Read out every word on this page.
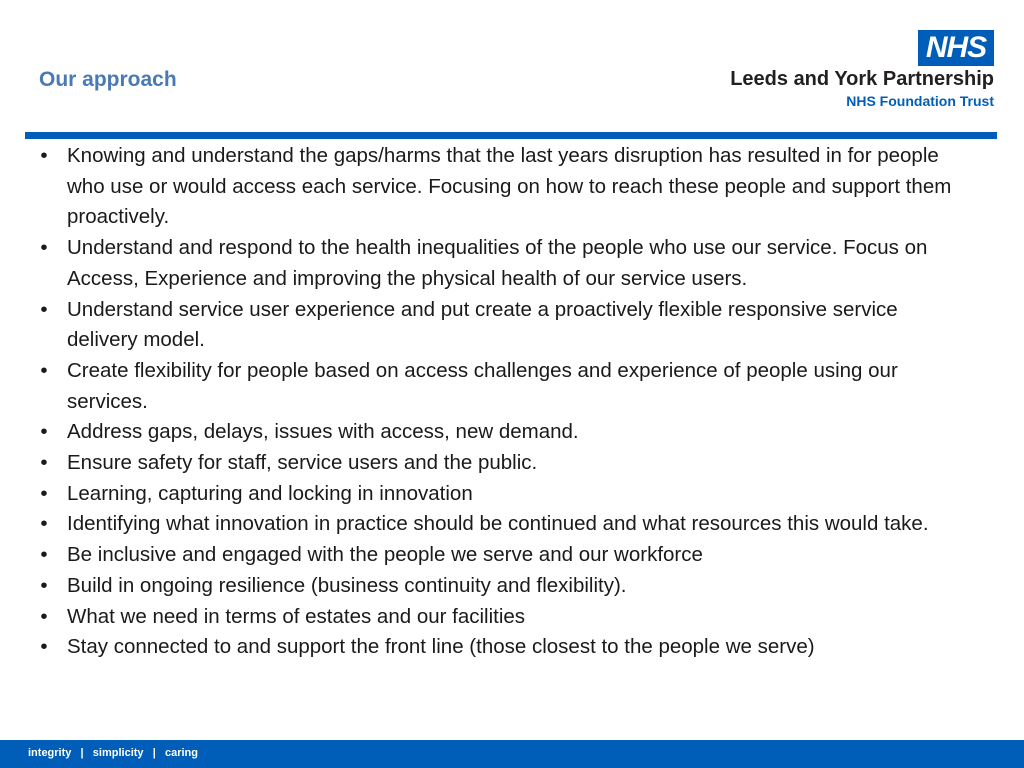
Our approach
NHS
Leeds and York Partnership
NHS Foundation Trust
• Knowing and understand the gaps/harms that the last years disruption has resulted in for people who use or would access each service. Focusing on how to reach these people and support them proactively.
• Understand and respond to the health inequalities of the people who use our service. Focus on Access, Experience and improving the physical health of our service users.
• Understand service user experience and put create a proactively flexible responsive service delivery model.
• Create flexibility for people based on access challenges and experience of people using our services.
• Address gaps, delays, issues with access, new demand.
• Ensure safety for staff, service users and the public.
• Learning, capturing and locking in innovation
• Identifying what innovation in practice should be continued and what resources this would take.
• Be inclusive and engaged with the people we serve and our workforce
• Build in ongoing resilience (business continuity and flexibility).
• What we need in terms of estates and our facilities
• Stay connected to and support the front line (those closest to the people we serve)
integrity   |   simplicity   |   caring
